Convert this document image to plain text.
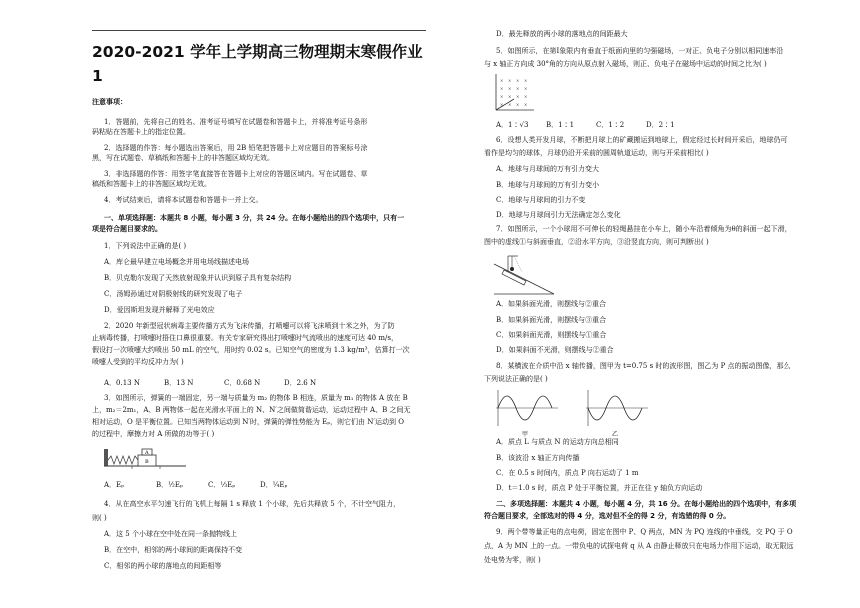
2020-2021 学年上学期高三物理期末寒假作业
1
注意事项：
1．答题前，先将自己的姓名、准考证号填写在试题卷和答题卡上，并将准考证号条形
码粘贴在答题卡上的指定位置。
2．选择题的作答：每小题选出答案后，用 2B 铅笔把答题卡上对应题目的答案标号涂
黑，写在试题卷、草稿纸和答题卡上的非答题区域均无效。
3．非选择题的作答：用签字笔直接答在答题卡上对应的答题区域内。写在试题卷、草
稿纸和答题卡上的非答题区域均无效。
4．考试结束后，请将本试题卷和答题卡一并上交。
一、单项选择题：本题共 8 小题，每小题 3 分，共 24 分。在每小题给出的四个选项中，只有一
项是符合题目要求的。
1．下列说法中正确的是( )
A．库仑最早建立电场概念并用电场线描述电场
B．贝克勒尔发现了天然放射现象并认识到原子具有复杂结构
C．汤姆孙通过对阴极射线的研究发现了电子
D．爱因斯坦发现并解释了光电效应
2．2020 年新型冠状病毒主要传播方式为飞沫传播，打喷嚏可以将飞沫喷到十米之外，为了防
止病毒传播，打喷嚏时捂住口鼻很重要。有关专家研究得出打喷嚏时气流喷出的速度可达 40 m/s，
假设打一次喷嚏大约喷出 50 mL 的空气，用时约 0.02 s。已知空气的密度为 1.3 kg/m³，估算打一次
喷嚏人受到的平均反冲力为( )
A．0.13 N	B．13 N	C．0.68 N	D．2.6 N
3．如图所示，弹簧的一端固定，另一端与质量为 m₂ 的物体 B 相连，质量为 m₁ 的物体 A 放在 B
上，m₂＝2m₁，A、B 两物体一起在光滑水平面上的 N、N′之间做简谐运动，运动过程中 A、B 之间无
相对运动，O 是平衡位置。已知当两物体运动到 N′时，弹簧的弹性势能为 Eₚ，则它们由 N′运动到 O
的过程中，摩擦力对 A 所做的功等于( )
A
B
A．Eₚ	B．½Eₚ	C．⅓Eₚ	D．¼Eₚ
4．从在高空水平匀速飞行的飞机上每隔 1 s 释放 1 个小球，先后共释放 5 个，不计空气阻力，
则( )
A．这 5 个小球在空中处在同一条抛物线上
B．在空中，相邻的两小球间的距离保持不变
C．相邻的两小球的落地点的间距相等
D．最先释放的两小球的落地点的间距最大
5．如图所示，在第Ⅰ象限内有垂直于纸面向里的匀强磁场，一对正、负电子分别以相同速率沿
与 x 轴正方向成 30°角的方向从原点射入磁场，则正、负电子在磁场中运动的时间之比为( )
× × × ×
× × × ×
× × × ×
× × × ×
A．1∶√3	B．1∶1	C．1∶2	D．2∶1
6．设想人类开发月球，不断把月球上的矿藏搬运到地球上，假定经过长时间开采后，地球仍可
看作是均匀的球体，月球仍沿开采前的圆周轨道运动，则与开采前相比( )
A．地球与月球间的万有引力变大
B．地球与月球间的万有引力变小
C．地球与月球间的引力不变
D．地球与月球间引力无法确定怎么变化
7．如图所示，一个小球用不可伸长的轻绳悬挂在小车上，随小车沿着倾角为θ的斜面一起下滑，
图中的虚线①与斜面垂直，②沿水平方向，③沿竖直方向，则可判断出( )
A．如果斜面光滑，则摆线与②重合
B．如果斜面光滑，则摆线与③重合
C．如果斜面光滑，则摆线与①重合
D．如果斜面不光滑，则摆线与②重合
8．某横波在介质中沿 x 轴传播，图甲为 t=0.75 s 时的波形图，图乙为 P 点的振动图像，那么
下列说法正确的是( )
甲	乙
A．质点 L 与质点 N 的运动方向总相同
B．该波沿 x 轴正方向传播
C．在 0.5 s 时间内，质点 P 向右运动了 1 m
D．t＝1.0 s 时，质点 P 处于平衡位置，并正在往 y 轴负方向运动
二、多项选择题：本题共 4 小题，每小题 4 分，共 16 分。在每小题给出的四个选项中，有多项
符合题目要求，全部选对的得 4 分，选对但不全的得 2 分，有选错的得 0 分。
9．两个带等量正电的点电荷，固定在图中 P、Q 两点，MN 为 PQ 连线的中垂线，交 PQ 于 O
点，A 为 MN 上的一点。一带负电的试探电荷 q 从 A 由静止释放只在电场力作用下运动，取无限远
处电势为零，则( )
